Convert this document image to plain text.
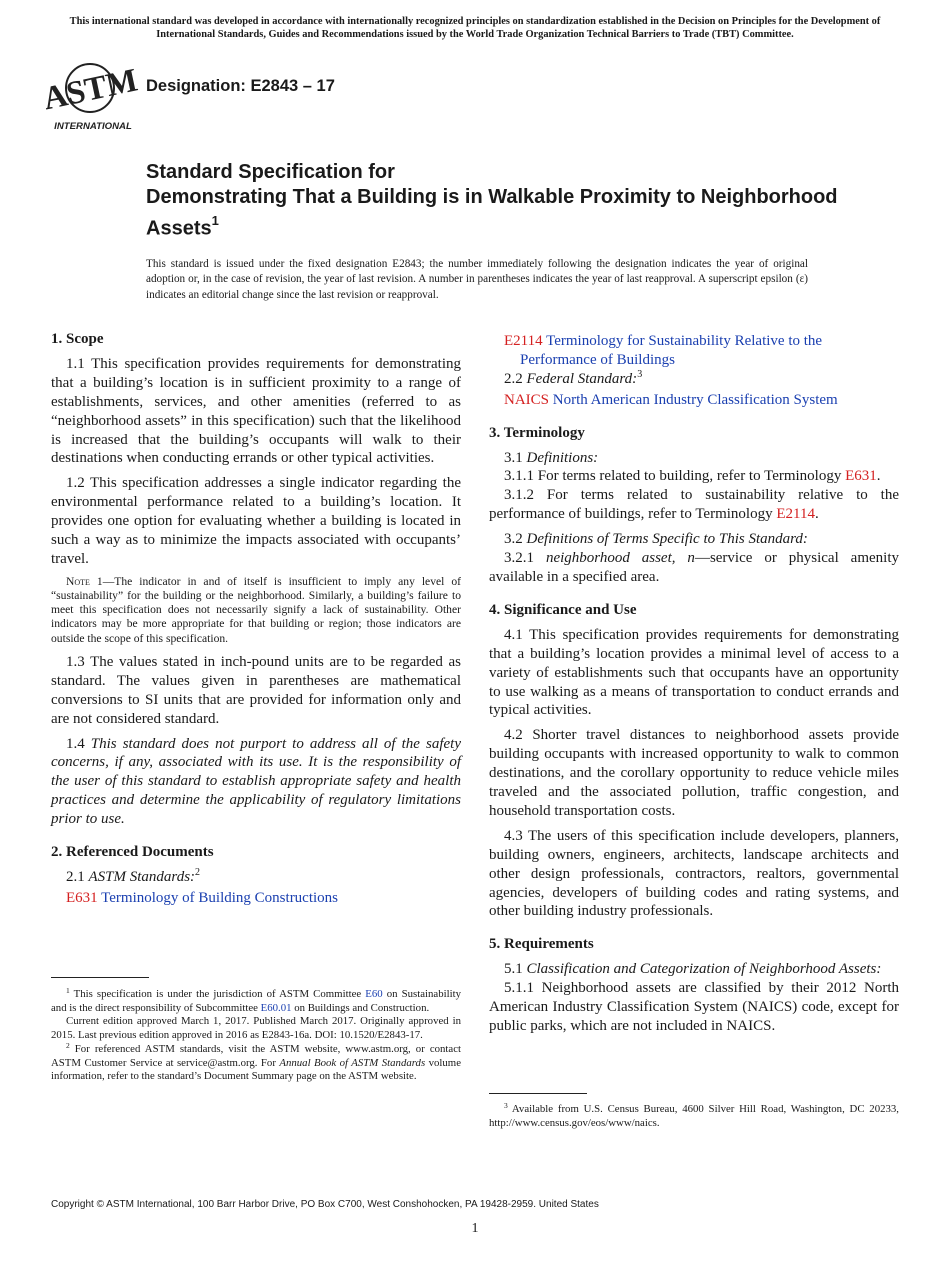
This international standard was developed in accordance with internationally recognized principles on standardization established in the Decision on Principles for the Development of International Standards, Guides and Recommendations issued by the World Trade Organization Technical Barriers to Trade (TBT) Committee.
ASTM
INTERNATIONAL
Designation: E2843 – 17
Standard Specification for
Demonstrating That a Building is in Walkable Proximity to Neighborhood Assets$^1$
This standard is issued under the fixed designation E2843; the number immediately following the designation indicates the year of original adoption or, in the case of revision, the year of last revision. A number in parentheses indicates the year of last reapproval. A superscript epsilon (ε) indicates an editorial change since the last revision or reapproval.
1. Scope

1.1 This specification provides requirements for demonstrating that a building’s location is in sufficient proximity to a range of establishments, services, and other amenities (referred to as “neighborhood assets” in this specification) such that the likelihood is increased that the building’s occupants will walk to their destinations when conducting errands or other typical activities.

1.2 This specification addresses a single indicator regarding the environmental performance related to a building’s location. It provides one option for evaluating whether a building is located in such a way as to minimize the impacts associated with occupants’ travel.

Note 1—The indicator in and of itself is insufficient to imply any level of “sustainability” for the building or the neighborhood. Similarly, a building’s failure to meet this specification does not necessarily signify a lack of sustainability. Other indicators may be more appropriate for that building or region; those indicators are outside the scope of this specification.

1.3 The values stated in inch-pound units are to be regarded as standard. The values given in parentheses are mathematical conversions to SI units that are provided for information only and are not considered standard.

1.4 This standard does not purport to address all of the safety concerns, if any, associated with its use. It is the responsibility of the user of this standard to establish appropriate safety and health practices and determine the applicability of regulatory limitations prior to use.

2. Referenced Documents

2.1 ASTM Standards:$^2$

E631 Terminology of Building Constructions

$^1$ This specification is under the jurisdiction of ASTM Committee E60 on Sustainability and is the direct responsibility of Subcommittee E60.01 on Buildings and Construction.

Current edition approved March 1, 2017. Published March 2017. Originally approved in 2015. Last previous edition approved in 2016 as E2843-16a. DOI: 10.1520/E2843-17.

$^2$ For referenced ASTM standards, visit the ASTM website, www.astm.org, or contact ASTM Customer Service at service@astm.org. For Annual Book of ASTM Standards volume information, refer to the standard’s Document Summary page on the ASTM website.

E2114 Terminology for Sustainability Relative to the Performance of Buildings

2.2 Federal Standard:$^3$

NAICS North American Industry Classification System

3. Terminology

3.1 Definitions:

3.1.1 For terms related to building, refer to Terminology E631.

3.1.2 For terms related to sustainability relative to the performance of buildings, refer to Terminology E2114.

3.2 Definitions of Terms Specific to This Standard:

3.2.1 neighborhood asset, n—service or physical amenity available in a specified area.

4. Significance and Use

4.1 This specification provides requirements for demonstrating that a building’s location provides a minimal level of access to a variety of establishments such that occupants have an opportunity to use walking as a means of transportation to conduct errands and typical activities.

4.2 Shorter travel distances to neighborhood assets provide building occupants with increased opportunity to walk to common destinations, and the corollary opportunity to reduce vehicle miles traveled and the associated pollution, traffic congestion, and household transportation costs.

4.3 The users of this specification include developers, planners, building owners, engineers, architects, landscape architects and other design professionals, contractors, realtors, governmental agencies, developers of building codes and rating systems, and other building industry professionals.

5. Requirements

5.1 Classification and Categorization of Neighborhood Assets:

5.1.1 Neighborhood assets are classified by their 2012 North American Industry Classification System (NAICS) code, except for public parks, which are not included in NAICS.

$^3$ Available from U.S. Census Bureau, 4600 Silver Hill Road, Washington, DC 20233, http://www.census.gov/eos/www/naics.

Copyright © ASTM International, 100 Barr Harbor Drive, PO Box C700, West Conshohocken, PA 19428-2959. United States
1
